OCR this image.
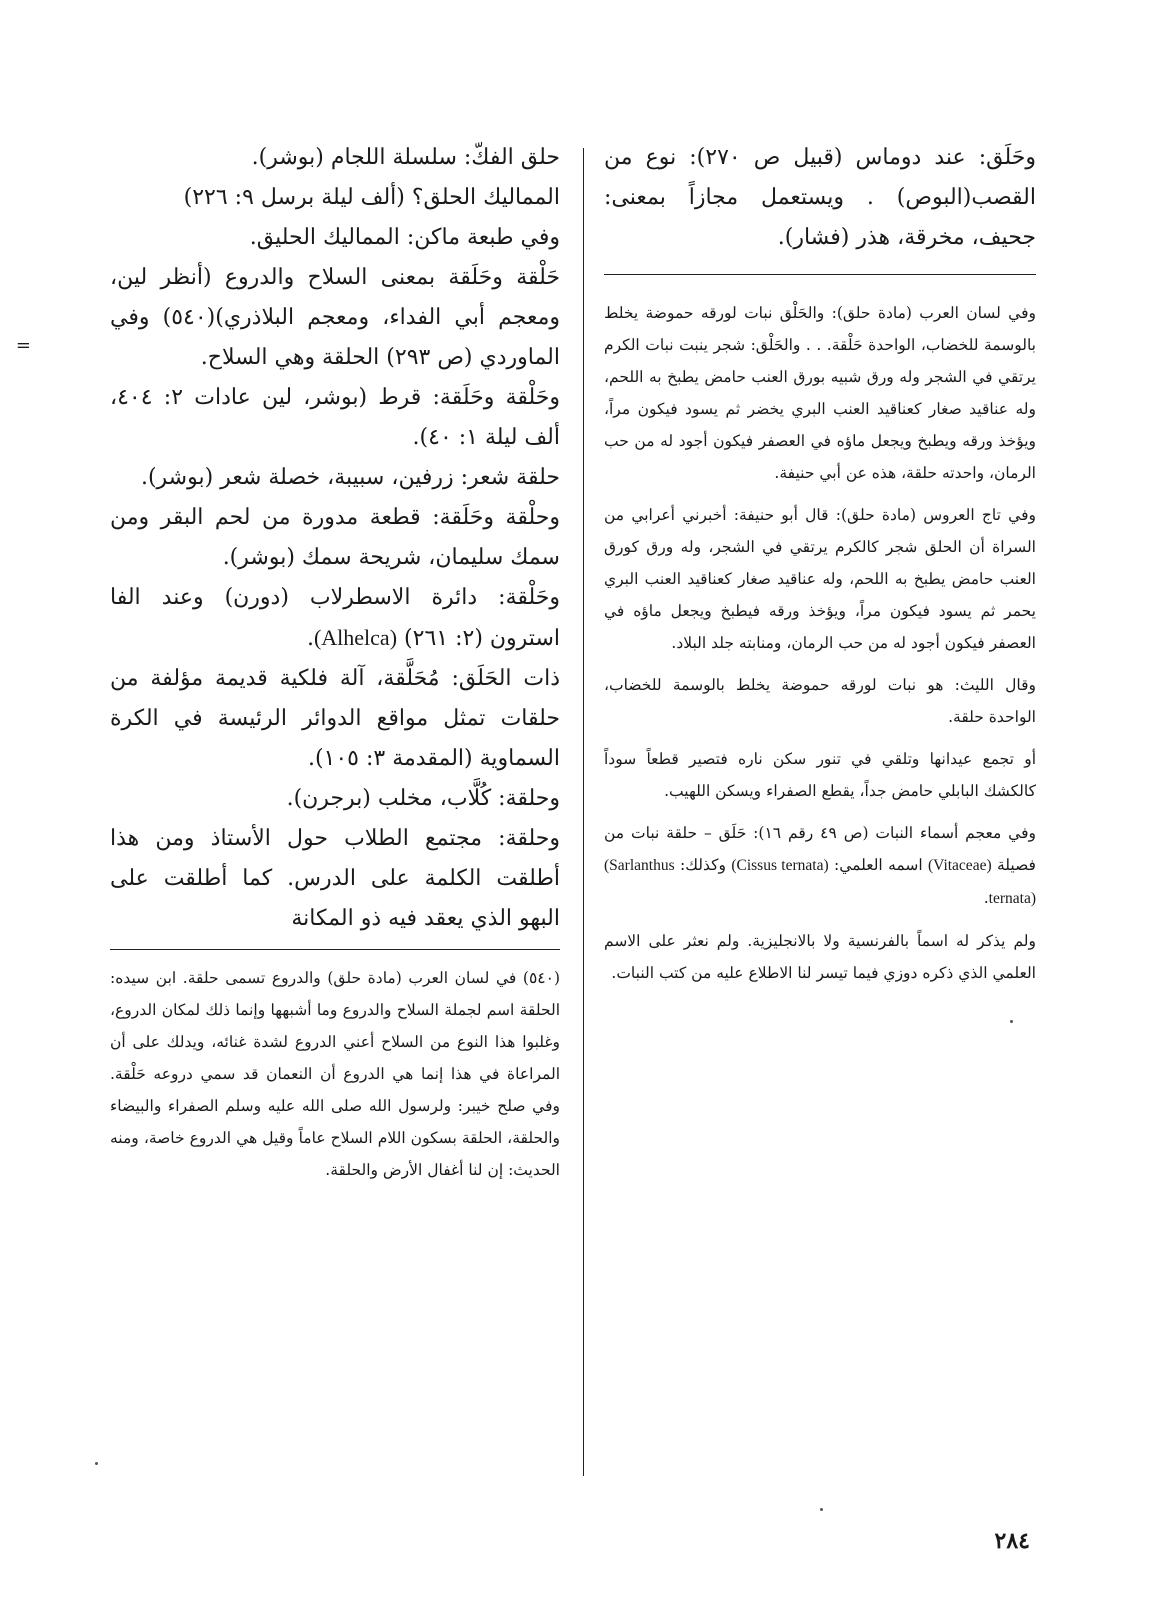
=

وحَلَق: عند دوماس (قبيل ص ٢٧٠): نوع من القصب(البوص) . ويستعمل مجازاً بمعنى: جحيف، مخرقة، هذر (فشار).

وفي لسان العرب (مادة حلق): والحَلْق نبات لورقه حموضة يخلط بالوسمة للخضاب، الواحدة حَلْقة. . . والحَلْق: شجر ينبت نبات الكرم يرتقي في الشجر وله ورق شبيه بورق العنب حامض يطبخ به اللحم، وله عناقيد صغار كعناقيد العنب البري يخضر ثم يسود فيكون مراً، ويؤخذ ورقه ويطبخ ويجعل ماؤه في العصفر فيكون أجود له من حب الرمان، واحدته حلقة، هذه عن أبي حنيفة.

وفي تاج العروس (مادة حلق): قال أبو حنيفة: أخبرني أعرابي من السراة أن الحلق شجر كالكرم يرتقي في الشجر، وله ورق كورق العنب حامض يطبخ به اللحم، وله عناقيد صغار كعناقيد العنب البري يحمر ثم يسود فيكون مراً، ويؤخذ ورقه فيطبخ ويجعل ماؤه في العصفر فيكون أجود له من حب الرمان، ومنابته جلد البلاد.

وقال الليث: هو نبات لورقه حموضة يخلط بالوسمة للخضاب، الواحدة حلقة.

أو تجمع عيدانها وتلقي في تنور سكن ناره فتصير قطعاً سوداً كالكشك البابلي حامض جداً، يقطع الصفراء ويسكن اللهيب.

وفي معجم أسماء النبات (ص ٤٩ رقم ١٦): حَلَق – حلقة نبات من فصيلة (Vitaceae) اسمه العلمي: (Cissus ternata) وكذلك: (Sarlanthus ternata).

ولم يذكر له اسماً بالفرنسية ولا بالانجليزية. ولم نعثر على الاسم العلمي الذي ذكره دوزي فيما تيسر لنا الاطلاع عليه من كتب النبات.

حلق الفكّ: سلسلة اللجام (بوشر).

المماليك الحلق؟ (ألف ليلة برسل ٩: ٢٢٦)

وفي طبعة ماكن: المماليك الحليق.

حَلْقة وحَلَقة بمعنى السلاح والدروع (أنظر لين، ومعجم أبي الفداء، ومعجم البلاذري)(٥٤٠) وفي الماوردي (ص ٢٩٣) الحلقة وهي السلاح.

وحَلْقة وحَلَقة: قرط (بوشر، لين عادات ٢: ٤٠٤، ألف ليلة ١: ٤٠).

حلقة شعر: زرفين، سبيبة، خصلة شعر (بوشر).

وحلْقة وحَلَقة: قطعة مدورة من لحم البقر ومن سمك سليمان، شريحة سمك (بوشر).

وحَلْقة: دائرة الاسطرلاب (دورن) وعند الفا استرون (٢: ٢٦١) (Alhelca).

ذات الحَلَق: مُحَلَّقة، آلة فلكية قديمة مؤلفة من حلقات تمثل مواقع الدوائر الرئيسة في الكرة السماوية (المقدمة ٣: ١٠٥).

وحلقة: كُلَّاب، مخلب (برجرن).

وحلقة: مجتمع الطلاب حول الأستاذ ومن هذا أطلقت الكلمة على الدرس. كما أطلقت على البهو الذي يعقد فيه ذو المكانة

(٥٤٠) في لسان العرب (مادة حلق) والدروع تسمى حلقة. ابن سيده: الحلقة اسم لجملة السلاح والدروع وما أشبهها وإنما ذلك لمكان الدروع، وغلبوا هذا النوع من السلاح أعني الدروع لشدة غنائه، ويدلك على أن المراعاة في هذا إنما هي الدروع أن النعمان قد سمي دروعه حَلْقة. وفي صلح خيبر: ولرسول الله صلى الله عليه وسلم الصفراء والبيضاء والحلقة، الحلقة بسكون اللام السلاح عاماً وقيل هي الدروع خاصة، ومنه الحديث: إن لنا أغفال الأرض والحلقة.

٢٨٤
